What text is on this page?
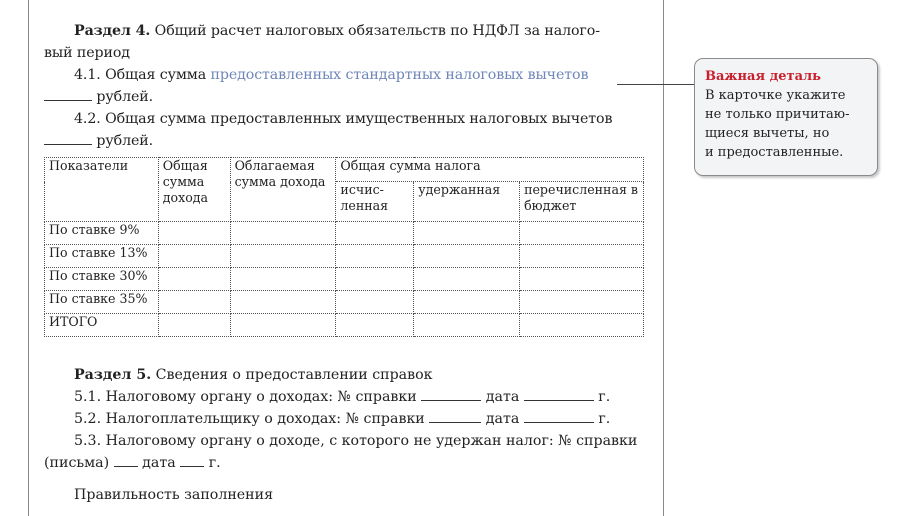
Раздел 4. Общий расчет налоговых обязательств по НДФЛ за налого-

вый период

4.1. Общая сумма предоставленных стандартных налоговых вычетов

рублей.

4.2. Общая сумма предоставленных имущественных налоговых вычетов

рублей.

Показатели	Общая сумма дохода	Облагаемая сумма дохода	Общая сумма налога		
			исчис- ленная	удержанная	перечисленная в бюджет
По ставке 9%					
По ставке 13%					
По ставке 30%					
По ставке 35%					
ИТОГО					

Раздел 5. Сведения о предоставлении справок

5.1. Налоговому органу о доходах: № справки	дата	г.

5.2. Налогоплательщику о доходах: № справки	дата	г.

5.3. Налоговому органу о доходе, с которого не удержан налог: № справки

(письма)  дата  г.

Правильность заполнения

Важная деталь
В карточке укажите
не только причитаю-
щиеся вычеты, но
и предоставленные.
